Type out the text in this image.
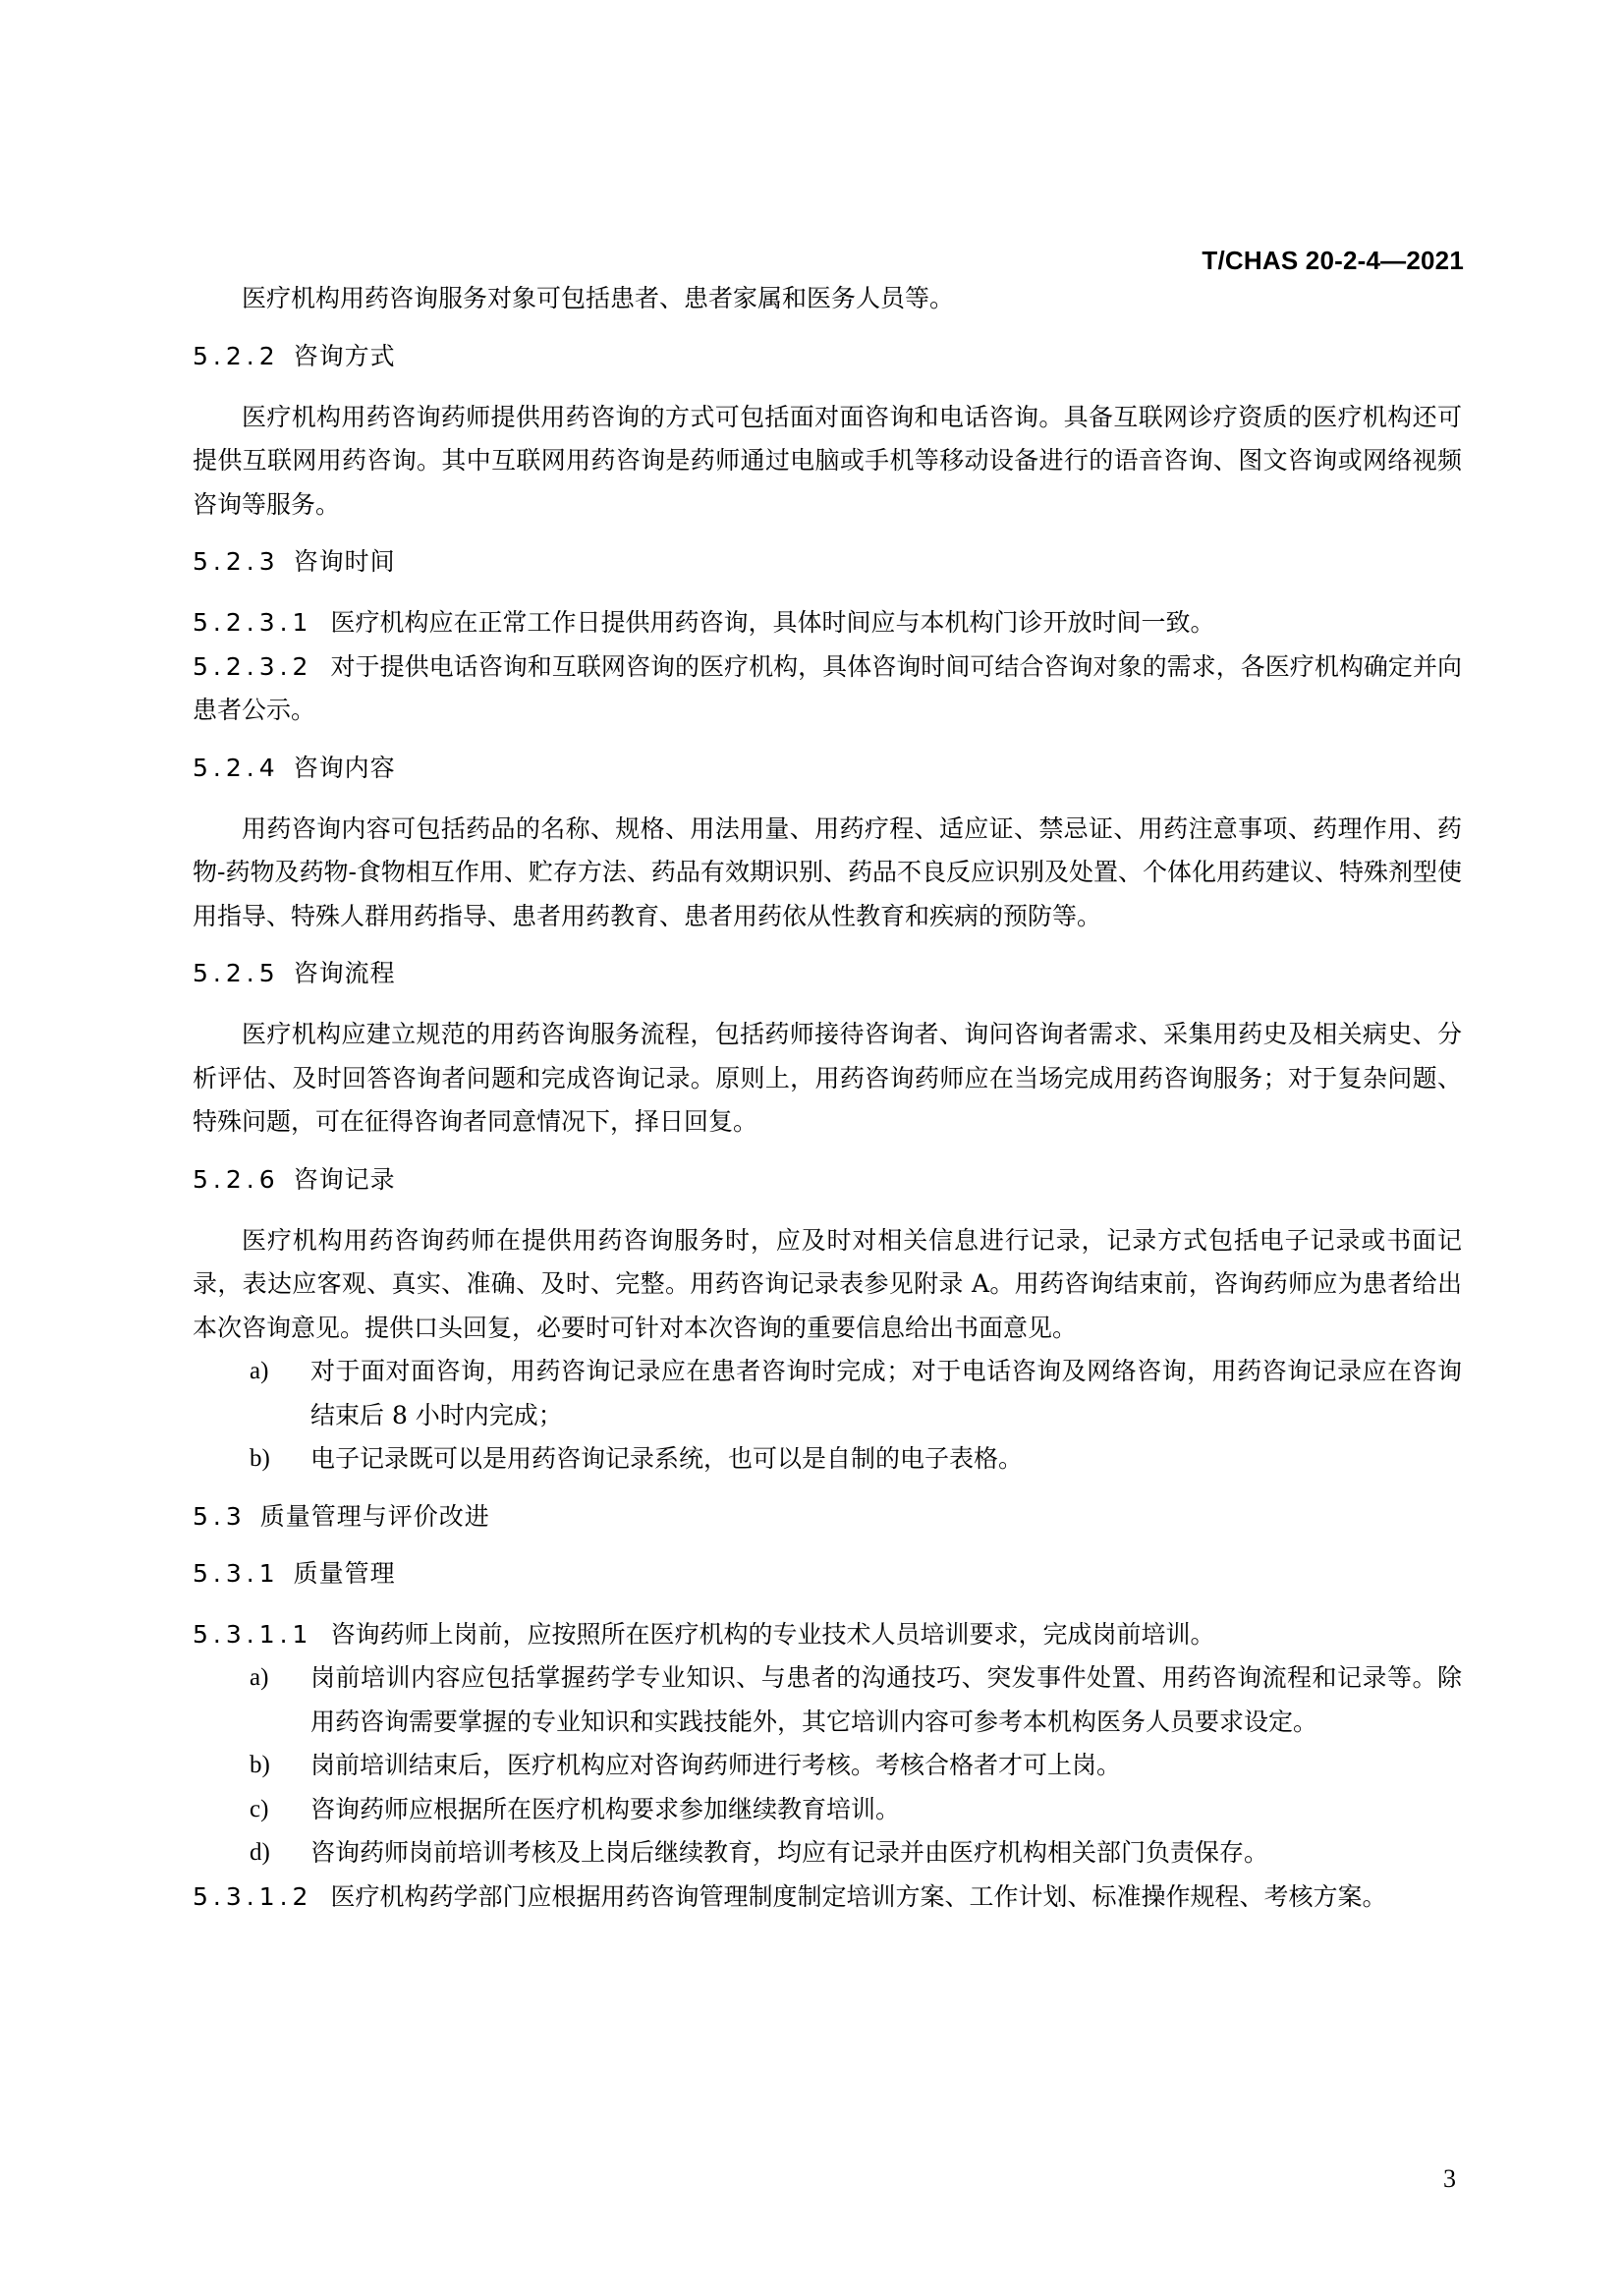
T/CHAS 20-2-4—2021

医疗机构用药咨询服务对象可包括患者、患者家属和医务人员等。

5.2.2 咨询方式

医疗机构用药咨询药师提供用药咨询的方式可包括面对面咨询和电话咨询。具备互联网诊疗资质的医疗机构还可提供互联网用药咨询。其中互联网用药咨询是药师通过电脑或手机等移动设备进行的语音咨询、图文咨询或网络视频咨询等服务。

5.2.3 咨询时间

5.2.3.1 医疗机构应在正常工作日提供用药咨询，具体时间应与本机构门诊开放时间一致。

5.2.3.2 对于提供电话咨询和互联网咨询的医疗机构，具体咨询时间可结合咨询对象的需求，各医疗机构确定并向患者公示。

5.2.4 咨询内容

用药咨询内容可包括药品的名称、规格、用法用量、用药疗程、适应证、禁忌证、用药注意事项、药理作用、药物-药物及药物-食物相互作用、贮存方法、药品有效期识别、药品不良反应识别及处置、个体化用药建议、特殊剂型使用指导、特殊人群用药指导、患者用药教育、患者用药依从性教育和疾病的预防等。

5.2.5 咨询流程

医疗机构应建立规范的用药咨询服务流程，包括药师接待咨询者、询问咨询者需求、采集用药史及相关病史、分析评估、及时回答咨询者问题和完成咨询记录。原则上，用药咨询药师应在当场完成用药咨询服务；对于复杂问题、特殊问题，可在征得咨询者同意情况下，择日回复。

5.2.6 咨询记录

医疗机构用药咨询药师在提供用药咨询服务时，应及时对相关信息进行记录，记录方式包括电子记录或书面记录，表达应客观、真实、准确、及时、完整。用药咨询记录表参见附录 A。用药咨询结束前，咨询药师应为患者给出本次咨询意见。提供口头回复，必要时可针对本次咨询的重要信息给出书面意见。

a) 对于面对面咨询，用药咨询记录应在患者咨询时完成；对于电话咨询及网络咨询，用药咨询记录应在咨询结束后 8 小时内完成；

b) 电子记录既可以是用药咨询记录系统，也可以是自制的电子表格。

5.3 质量管理与评价改进

5.3.1 质量管理

5.3.1.1 咨询药师上岗前，应按照所在医疗机构的专业技术人员培训要求，完成岗前培训。

a) 岗前培训内容应包括掌握药学专业知识、与患者的沟通技巧、突发事件处置、用药咨询流程和记录等。除用药咨询需要掌握的专业知识和实践技能外，其它培训内容可参考本机构医务人员要求设定。

b) 岗前培训结束后，医疗机构应对咨询药师进行考核。考核合格者才可上岗。

c) 咨询药师应根据所在医疗机构要求参加继续教育培训。

d) 咨询药师岗前培训考核及上岗后继续教育，均应有记录并由医疗机构相关部门负责保存。

5.3.1.2 医疗机构药学部门应根据用药咨询管理制度制定培训方案、工作计划、标准操作规程、考核方案。

3
